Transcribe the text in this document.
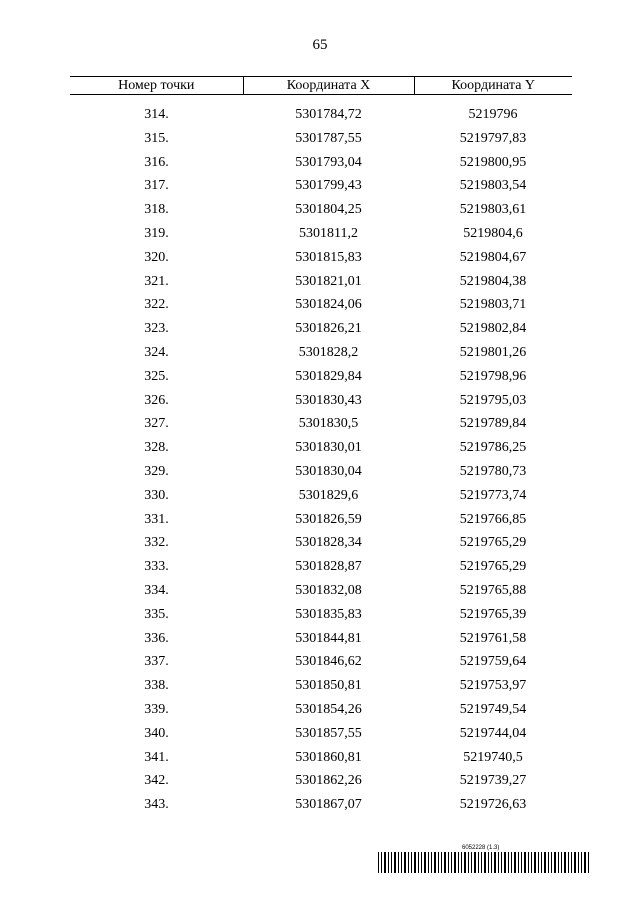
65
Номер точки	Координата X	Координата Y
314.	5301784,72	5219796
315.	5301787,55	5219797,83
316.	5301793,04	5219800,95
317.	5301799,43	5219803,54
318.	5301804,25	5219803,61
319.	5301811,2	5219804,6
320.	5301815,83	5219804,67
321.	5301821,01	5219804,38
322.	5301824,06	5219803,71
323.	5301826,21	5219802,84
324.	5301828,2	5219801,26
325.	5301829,84	5219798,96
326.	5301830,43	5219795,03
327.	5301830,5	5219789,84
328.	5301830,01	5219786,25
329.	5301830,04	5219780,73
330.	5301829,6	5219773,74
331.	5301826,59	5219766,85
332.	5301828,34	5219765,29
333.	5301828,87	5219765,29
334.	5301832,08	5219765,88
335.	5301835,83	5219765,39
336.	5301844,81	5219761,58
337.	5301846,62	5219759,64
338.	5301850,81	5219753,97
339.	5301854,26	5219749,54
340.	5301857,55	5219744,04
341.	5301860,81	5219740,5
342.	5301862,26	5219739,27
343.	5301867,07	5219726,63
6052228 (1.3)
